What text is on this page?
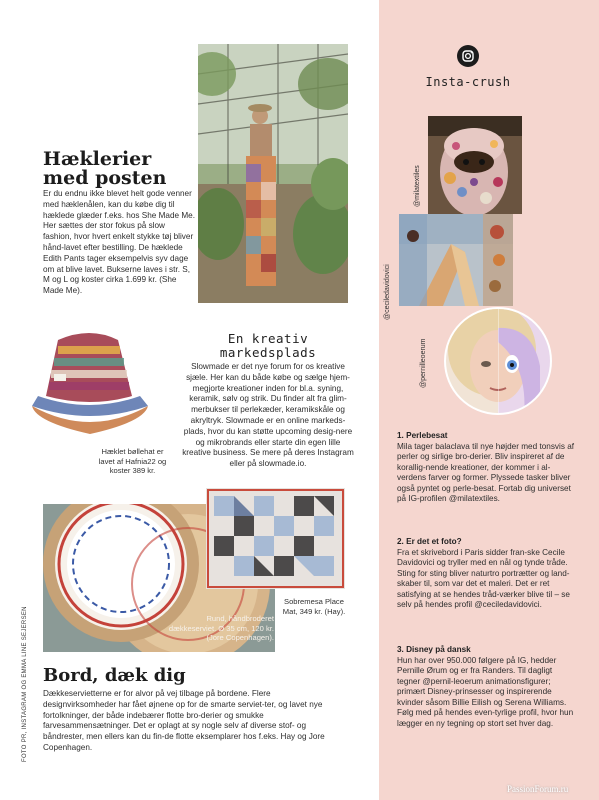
Insta-crush
@milatextiles
@ceciledavidovici
@pernilleoerum
1. Perlebesat

Mila tager balaclava til nye højder med tonsvis af perler og sirlige bro-derier. Bliv inspireret af de korallig-nende kreationer, der kommer i al-verdens farver og former. Plyssede tasker bliver også pyntet og perle-besat. Fortab dig universet på IG-profilen @milatextiles.

2. Er det et foto?

Fra et skrivebord i Paris sidder fran-ske Cecile Davidovici og tryller med en nål og tynde tråde. Sting for sting bliver naturtro portrætter og land-skaber til, som var det et maleri. Det er ret satisfying at se hendes tråd-værker blive til – se selv på hendes profil @ceciledavidovici.

3. Disney på dansk

Hun har over 950.000 følgere på IG, hedder Pernille Ørum og er fra Randers. Til dagligt tegner @pernil-leoerum animationsfigurer; primært Disney-prinsesser og inspirerende kvinder såsom Billie Eilish og Serena Williams. Følg med på hendes even-tyrlige profil, hvor hun lægger en ny tegning op stort set hver dag.

PassionForum.ru
Hæklerier
med posten
Er du endnu ikke blevet helt gode venner med hæklenålen, kan du købe dig til hæklede glæder f.eks. hos She Made Me. Her sættes der stor fokus på slow fashion, hvor hvert enkelt stykke tøj bliver hånd-lavet efter bestilling. De hæklede Edith Pants tager eksempelvis syv dage om at blive lavet. Bukserne laves i str. S, M og L og koster cirka 1.699 kr. (She Made Me).
Hæklet bøllehat er lavet af Hafnia22 og koster 389 kr.
En kreativ
markedsplads
Slowmade er det nye forum for os kreative sjæle. Her kan du både købe og sælge hjem-megjorte kreationer inden for bl.a. syning, keramik, sølv og strik. Du finder alt fra glim-merbukser til perlekæder, keramikskåle og akryltryk. Slowmade er en online markeds-plads, hvor du kan støtte upcoming desig-nere og mikrobrands eller starte din egen lille kreative business. Se mere på deres Instagram eller på slowmade.io.
Rund, håndbroderet dækkeserviet. Ø 35 cm, 120 kr. (Jore Copenhagen).
Sobremesa Place Mat, 349 kr. (Hay).
FOTO PR, INSTAGRAM OG EMMA LINE SEJERSEN Bord, dæk dig
Dækkeservietterne er for alvor på vej tilbage på bordene. Flere designvirksomheder har fået øjnene op for de smarte serviet-ter, og lavet nye fortolkninger, der både indebærer flotte bro-derier og smukke farvesammensætninger. Det er oplagt at sy nogle selv af diverse stof- og båndrester, men ellers kan du fin-de flotte eksemplarer hos f.eks. Hay og Jore Copenhagen.
